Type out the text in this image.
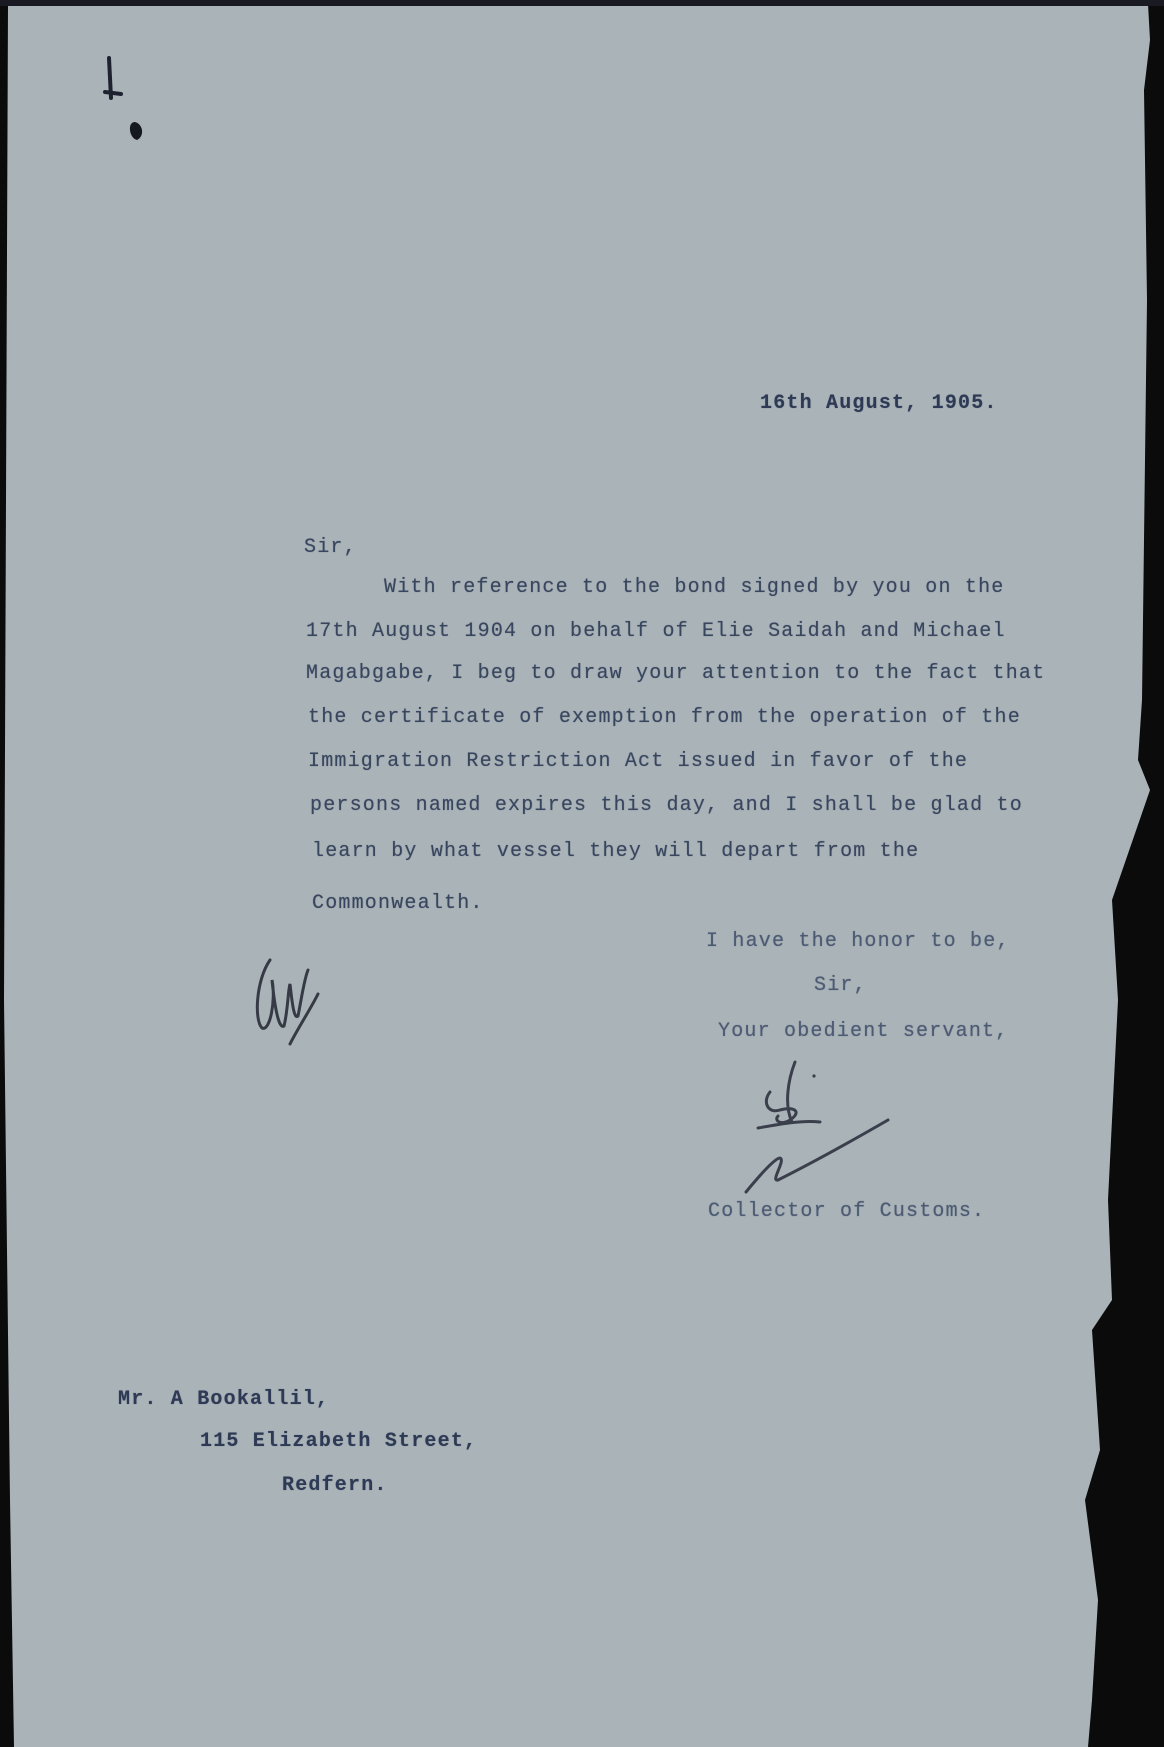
16th August, 1905.
Sir,
With reference to the bond signed by you on the
17th August 1904 on behalf of Elie Saidah and Michael
Magabgabe, I beg to draw your attention to the fact that
the certificate of exemption from the operation of the
Immigration Restriction Act issued in favor of the
persons named expires this day, and I shall be glad to
learn by what vessel they will depart from the
Commonwealth.
I have the honor to be,
Sir,
Your obedient servant,
Collector of Customs.
Mr. A Bookallil,
115 Elizabeth Street,
Redfern.
